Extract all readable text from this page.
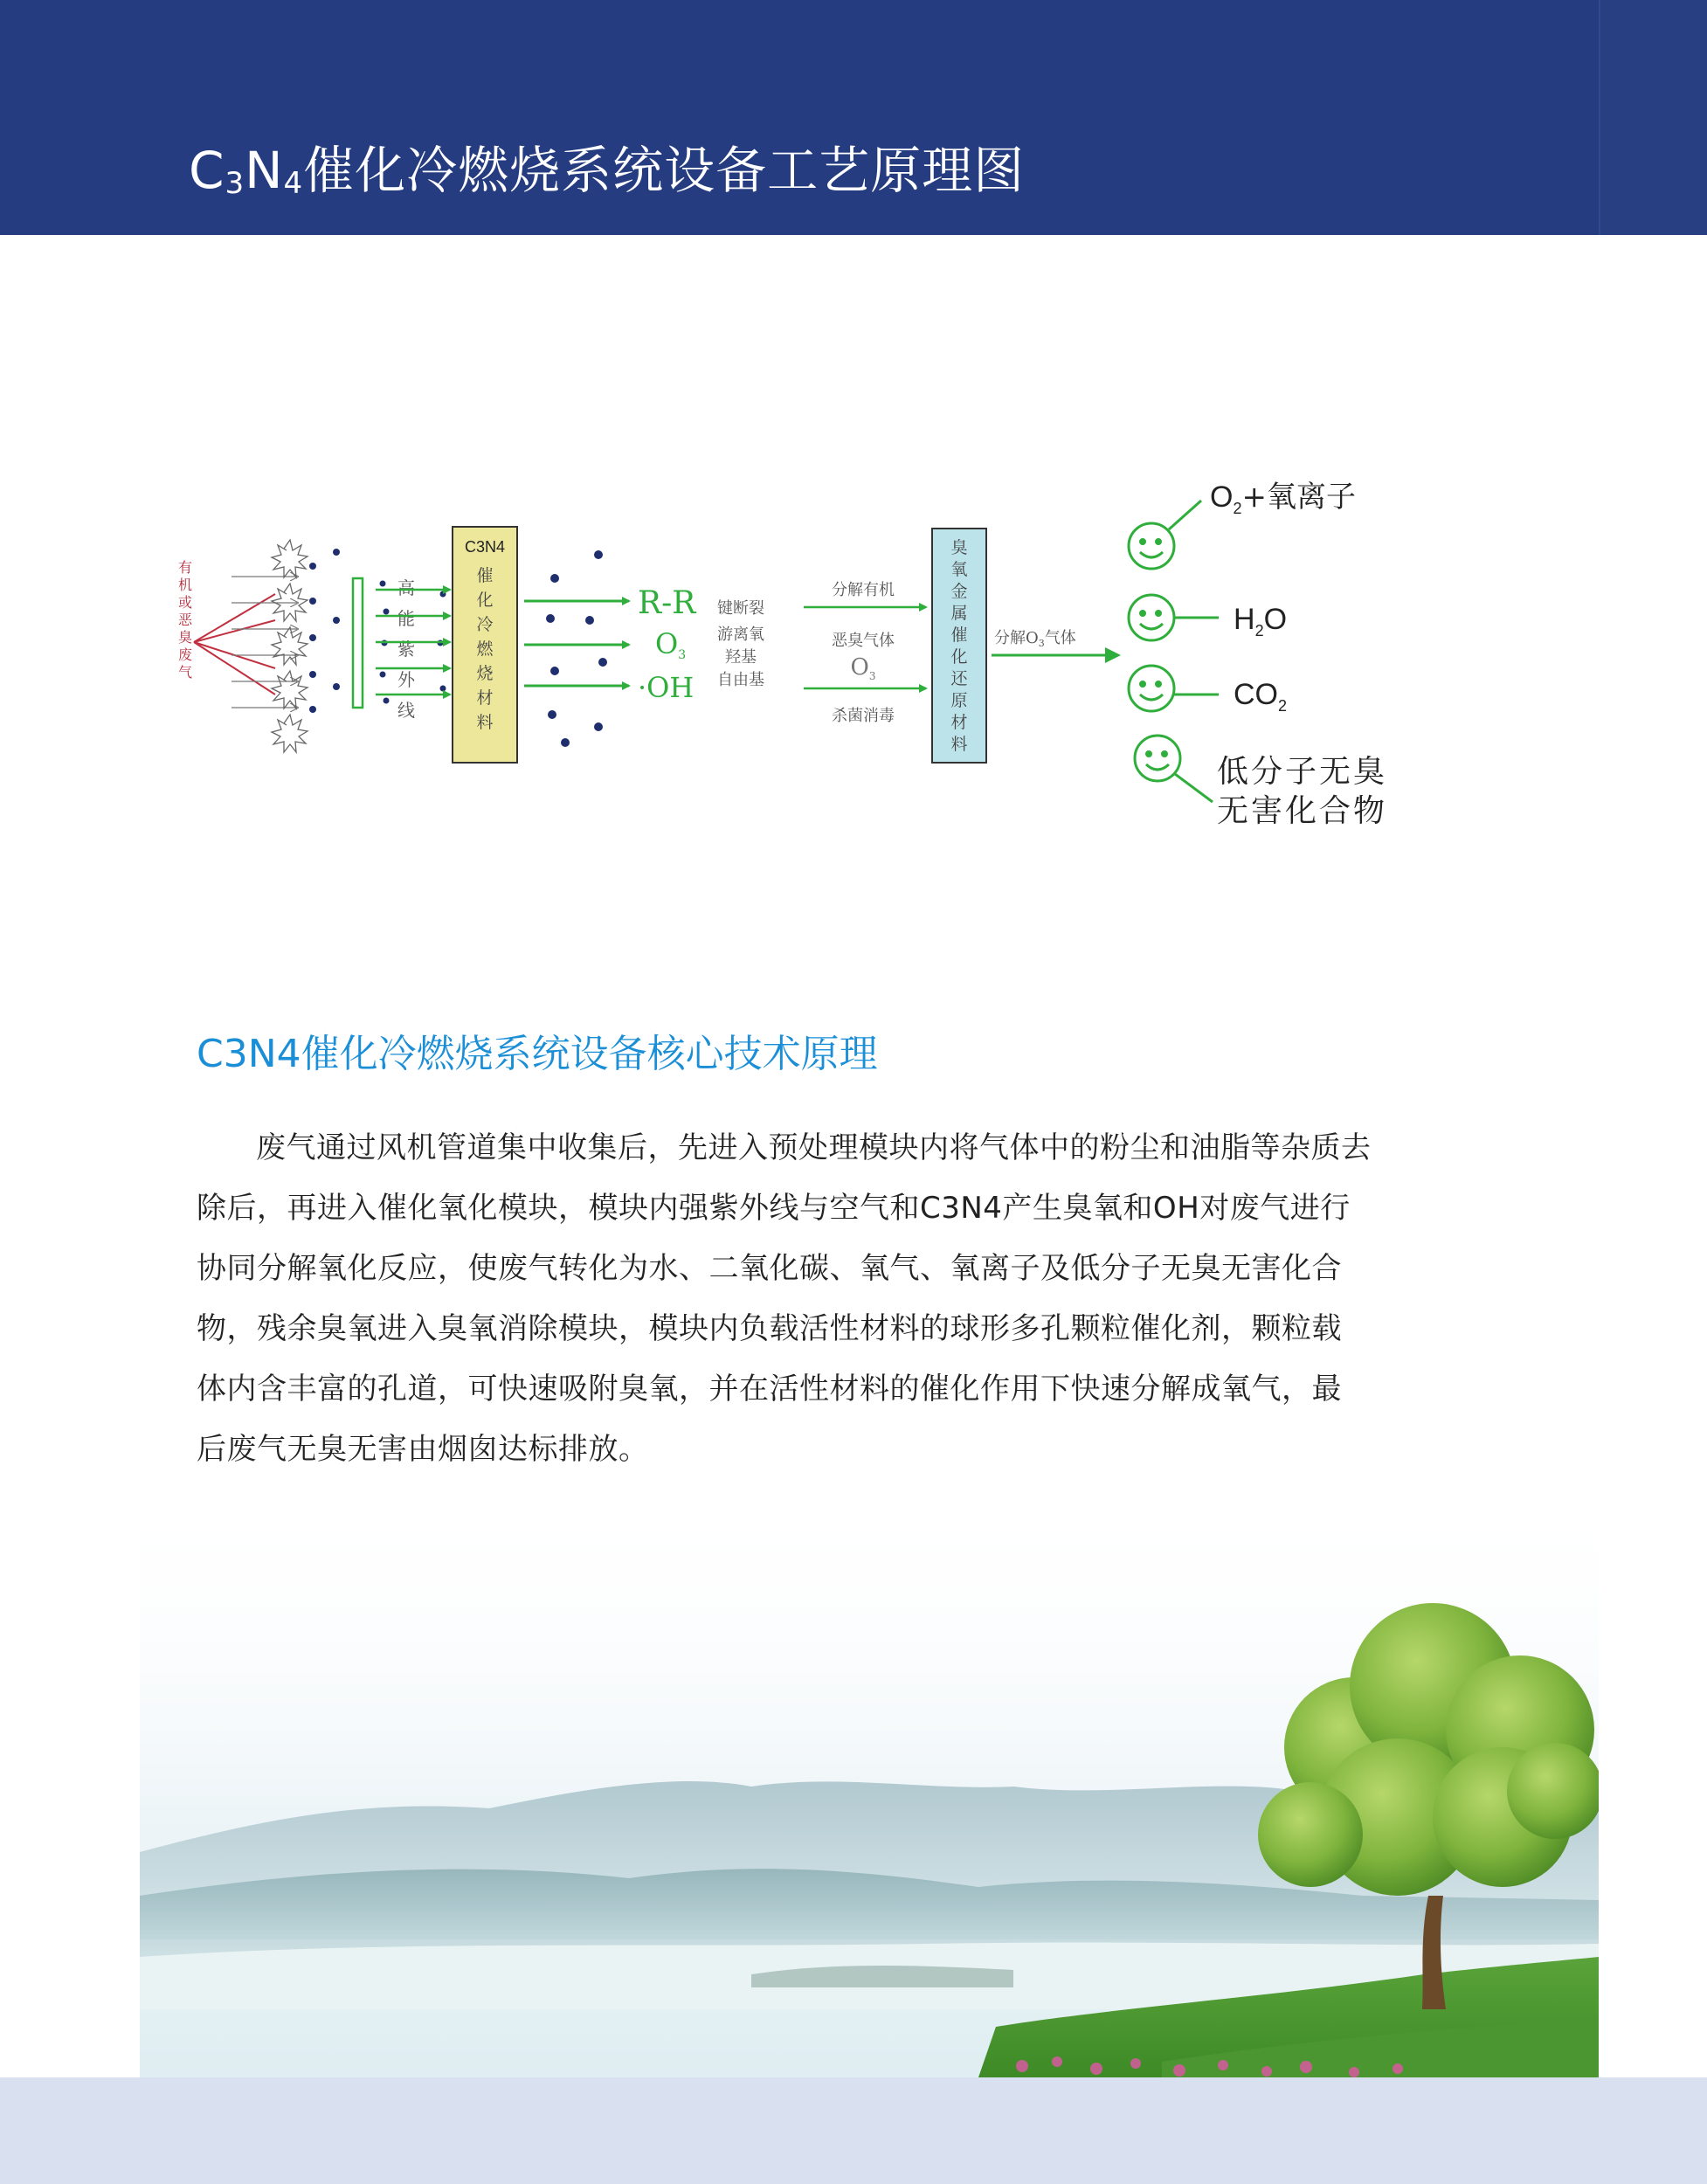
C3N4催化冷燃烧系统设备工艺原理图
有
机
或
恶
臭
废
气
高
能
紫
外
线
C3N4
催
化
冷
燃
烧
材
料
R-R
O3
·OH
键断裂
游离氧
羟基
自由基
分解有机
恶臭气体
$O_3$
杀菌消毒
臭
氧
金
属
催
化
还
原
材
料
分解$O_3$气体
$O_2+$氧离子
$H_2O$
$CO_2$
低分子无臭
无害化合物
C3N4催化冷燃烧系统设备核心技术原理

废气通过风机管道集中收集后，先进入预处理模块内将气体中的粉尘和油脂等杂质去除后，再进入催化氧化模块，模块内强紫外线与空气和C3N4产生臭氧和OH对废气进行协同分解氧化反应，使废气转化为水、二氧化碳、氧气、氧离子及低分子无臭无害化合物，残余臭氧进入臭氧消除模块，模块内负载活性材料的球形多孔颗粒催化剂，颗粒载体内含丰富的孔道，可快速吸附臭氧，并在活性材料的催化作用下快速分解成氧气，最后废气无臭无害由烟囱达标排放。
